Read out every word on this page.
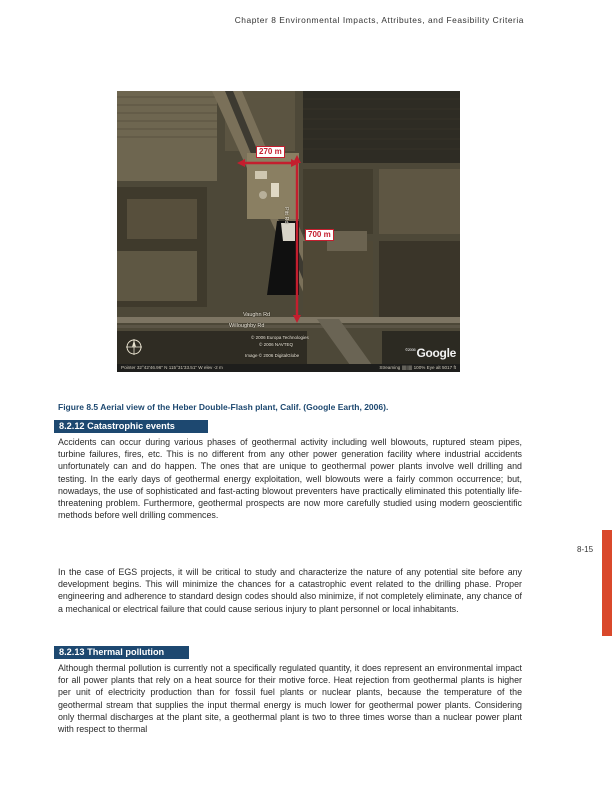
Chapter 8 Environmental Impacts, Attributes, and Feasibility Criteria
270 m
700 m
Pitt Rd
Willoughby Rd
Vaughn Rd
© 2006 Europa Technologies
© 2006 NAVTEQ
Image © 2006 DigitalGlobe
$^{©2006}$Google
Pointer 32°42'46.96" N 115°31'33.51" W elev -2 m	Streaming ||||||||| 100% Eye alt 5017 ft
Figure 8.5 Aerial view of the Heber Double-Flash plant, Calif. (Google Earth, 2006).
8.2.12 Catastrophic events

Accidents can occur during various phases of geothermal activity including well blowouts, ruptured steam pipes, turbine failures, fires, etc. This is no different from any other power generation facility where industrial accidents unfortunately can and do happen. The ones that are unique to geothermal power plants involve well drilling and testing. In the early days of geothermal energy exploitation, well blowouts were a fairly common occurrence; but, nowadays, the use of sophisticated and fast-acting blowout preventers have practically eliminated this potentially life-threatening problem. Furthermore, geothermal prospects are now more carefully studied using modern geoscientific methods before well drilling commences.

In the case of EGS projects, it will be critical to study and characterize the nature of any potential site before any development begins. This will minimize the chances for a catastrophic event related to the drilling phase. Proper engineering and adherence to standard design codes should also minimize, if not completely eliminate, any chance of a mechanical or electrical failure that could cause serious injury to plant personnel or local inhabitants.

8.2.13 Thermal pollution

Although thermal pollution is currently not a specifically regulated quantity, it does represent an environmental impact for all power plants that rely on a heat source for their motive force. Heat rejection from geothermal plants is higher per unit of electricity production than for fossil fuel plants or nuclear plants, because the temperature of the geothermal stream that supplies the input thermal energy is much lower for geothermal power plants. Considering only thermal discharges at the plant site, a geothermal plant is two to three times worse than a nuclear power plant with respect to thermal

8-15
